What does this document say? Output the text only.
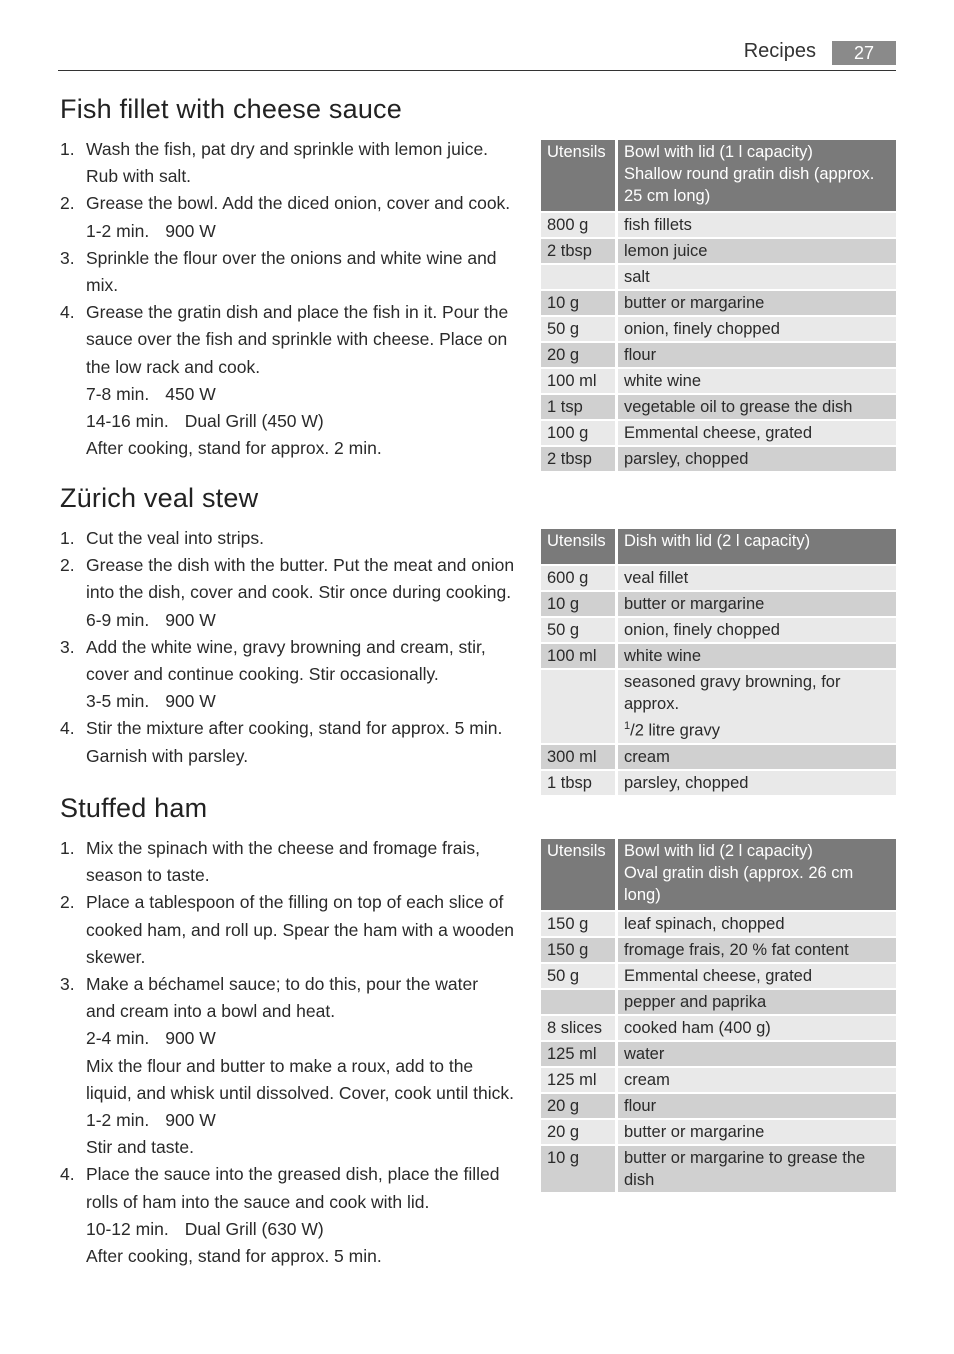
Recipes	27
Fish fillet with cheese sauce
1. Wash the fish, pat dry and sprinkle with lemon juice.
Rub with salt.
2. Grease the bowl. Add the diced onion, cover and cook.
1-2 min. 900 W
3. Sprinkle the flour over the onions and white wine and
mix.
4. Grease the gratin dish and place the fish in it. Pour the
sauce over the fish and sprinkle with cheese. Place on
the low rack and cook.
7-8 min. 450 W
14-16 min. Dual Grill (450 W)
After cooking, stand for approx. 2 min.
Utensils	Bowl with lid (1 l capacity)
Shallow round gratin dish (approx.
25 cm long)

800 g	fish fillets
2 tbsp	lemon juice
	salt
10 g	butter or margarine
50 g	onion, finely chopped
20 g	flour
100 ml	white wine
1 tsp	vegetable oil to grease the dish
100 g	Emmental cheese, grated
2 tbsp	parsley, chopped
Zürich veal stew
1. Cut the veal into strips.
2. Grease the dish with the butter. Put the meat and onion
into the dish, cover and cook. Stir once during cooking.
6-9 min. 900 W
3. Add the white wine, gravy browning and cream, stir,
cover and continue cooking. Stir occasionally.
3-5 min. 900 W
4. Stir the mixture after cooking, stand for approx. 5 min.
Garnish with parsley.
Utensils	Dish with lid (2 l capacity)

600 g	veal fillet
10 g	butter or margarine
50 g	onion, finely chopped
100 ml	white wine

	seasoned gravy browning, for approx.
$^1$/2 litre gravy

300 ml	cream
1 tbsp	parsley, chopped
Stuffed ham
1. Mix the spinach with the cheese and fromage frais,
season to taste.
2. Place a tablespoon of the filling on top of each slice of
cooked ham, and roll up. Spear the ham with a wooden
skewer.
3. Make a béchamel sauce; to do this, pour the water
and cream into a bowl and heat.
2-4 min. 900 W
Mix the flour and butter to make a roux, add to the
liquid, and whisk until dissolved. Cover, cook until thick.
1-2 min. 900 W
Stir and taste.
4. Place the sauce into the greased dish, place the filled
rolls of ham into the sauce and cook with lid.
10-12 min. Dual Grill (630 W)
After cooking, stand for approx. 5 min.
Utensils	Bowl with lid (2 l capacity)
Oval gratin dish (approx. 26 cm long)

150 g	leaf spinach, chopped
150 g	fromage frais, 20 % fat content
50 g	Emmental cheese, grated
	pepper and paprika
8 slices	cooked ham (400 g)
125 ml	water
125 ml	cream
20 g	flour
20 g	butter or margarine
10 g	butter or margarine to grease the dish
